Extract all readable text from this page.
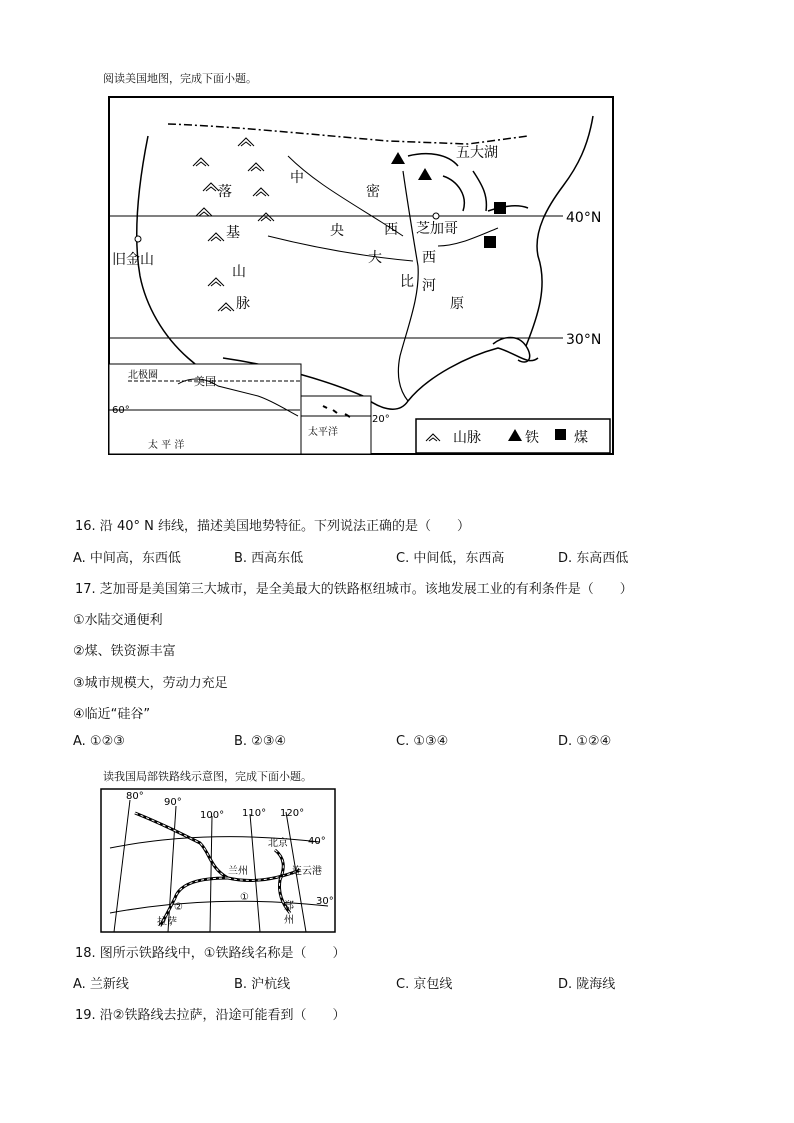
阅读美国地图，完成下面小题。
40°N
30°N
五大湖
芝加哥
旧金山
落
基
山
脉
中
央
大
原
密
西
西
比 河
北极圈	美国
60°
太 平 洋
太平洋
20°
山脉	铁	煤
16. 沿 40° N 纬线，描述美国地势特征。下列说法正确的是（　　）
A. 中间高，东西低	B. 西高东低	C. 中间低，东西高	D. 东高西低
17. 芝加哥是美国第三大城市，是全美最大的铁路枢纽城市。该地发展工业的有利条件是（　　）
①水陆交通便利
②煤、铁资源丰富
③城市规模大，劳动力充足
④临近“硅谷”
A. ①②③	B. ②③④	C. ①③④	D. ①②④
读我国局部铁路线示意图，完成下面小题。
80°
90°
100° 110° 120°
40°
30°
北京
兰州	连云港
拉萨
郑
州
①
②
18. 图所示铁路线中，①铁路线名称是（　　）
A. 兰新线	B. 沪杭线	C. 京包线	D. 陇海线
19. 沿②铁路线去拉萨，沿途可能看到（　　）
